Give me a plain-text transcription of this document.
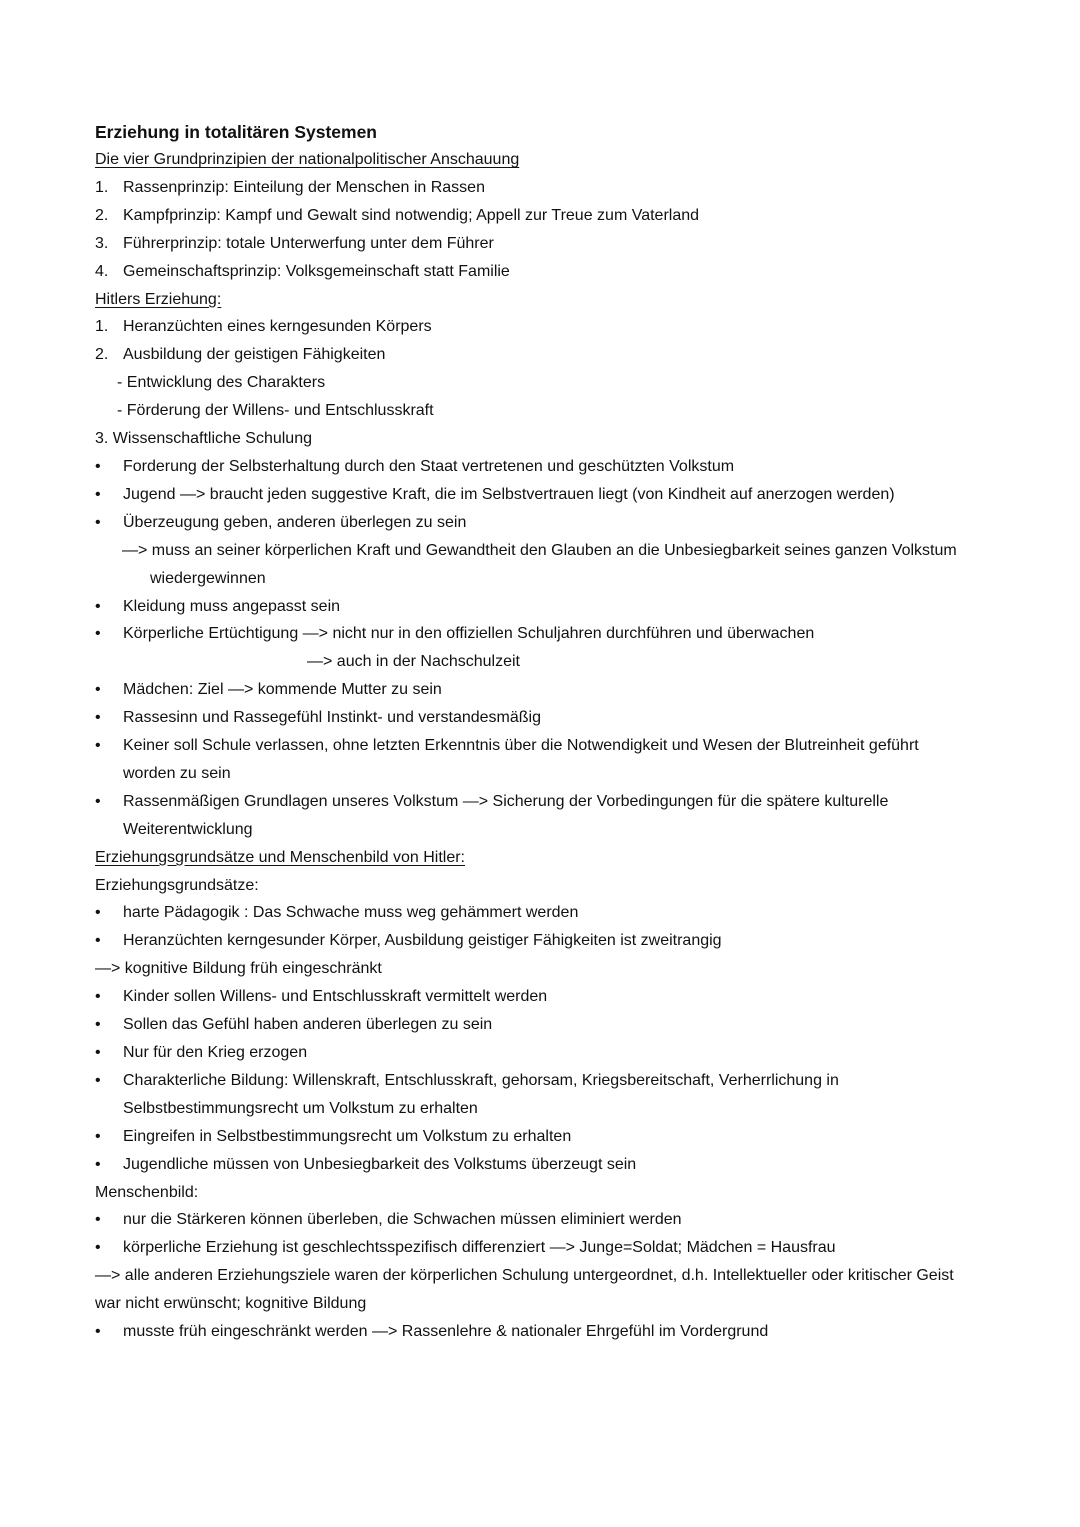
Erziehung in totalitären Systemen
Die vier Grundprinzipien der nationalpolitischer Anschauung
1. Rassenprinzip: Einteilung der Menschen in Rassen
2. Kampfprinzip: Kampf und Gewalt sind notwendig; Appell zur Treue zum Vaterland
3. Führerprinzip: totale Unterwerfung unter dem Führer
4. Gemeinschaftsprinzip: Volksgemeinschaft statt Familie
Hitlers Erziehung:
1. Heranzüchten eines kerngesunden Körpers
2. Ausbildung der geistigen Fähigkeiten
- Entwicklung des Charakters
- Förderung der Willens- und Entschlusskraft
3. Wissenschaftliche Schulung
•	Forderung der Selbsterhaltung durch den Staat vertretenen und geschützten Volkstum
•	Jugend —> braucht jeden suggestive Kraft, die im Selbstvertrauen liegt (von Kindheit auf anerzogen werden)
•	Überzeugung geben, anderen überlegen zu sein
—> muss an seiner körperlichen Kraft und Gewandtheit den Glauben an die Unbesiegbarkeit seines ganzen Volkstum
wiedergewinnen
•	Kleidung muss angepasst sein
•	Körperliche Ertüchtigung —> nicht nur in den offiziellen Schuljahren durchführen und überwachen
—> auch in der Nachschulzeit
•	Mädchen: Ziel —> kommende Mutter zu sein
•	Rassesinn und Rassegefühl Instinkt- und verstandesmäßig
•	Keiner soll Schule verlassen, ohne letzten Erkenntnis über die Notwendigkeit und Wesen der Blutreinheit geführt
worden zu sein
•	Rassenmäßigen Grundlagen unseres Volkstum —> Sicherung der Vorbedingungen für die spätere kulturelle
Weiterentwicklung
Erziehungsgrundsätze und Menschenbild von Hitler:
Erziehungsgrundsätze:
•	harte Pädagogik : Das Schwache muss weg gehämmert werden
•	Heranzüchten kerngesunder Körper, Ausbildung geistiger Fähigkeiten ist zweitrangig
—> kognitive Bildung früh eingeschränkt
•	Kinder sollen Willens- und Entschlusskraft vermittelt werden
•	Sollen das Gefühl haben anderen überlegen zu sein
•	Nur für den Krieg erzogen
•	Charakterliche Bildung: Willenskraft, Entschlusskraft, gehorsam, Kriegsbereitschaft, Verherrlichung in
Selbstbestimmungsrecht um Volkstum zu erhalten
•	Eingreifen in Selbstbestimmungsrecht um Volkstum zu erhalten
•	Jugendliche müssen von Unbesiegbarkeit des Volkstums überzeugt sein
Menschenbild:
•	nur die Stärkeren können überleben, die Schwachen müssen eliminiert werden
•	körperliche Erziehung ist geschlechtsspezifisch differenziert —> Junge=Soldat; Mädchen = Hausfrau
—> alle anderen Erziehungsziele waren der körperlichen Schulung untergeordnet, d.h. Intellektueller oder kritischer Geist
war nicht erwünscht; kognitive Bildung
•	musste früh eingeschränkt werden —> Rassenlehre & nationaler Ehrgefühl im Vordergrund
